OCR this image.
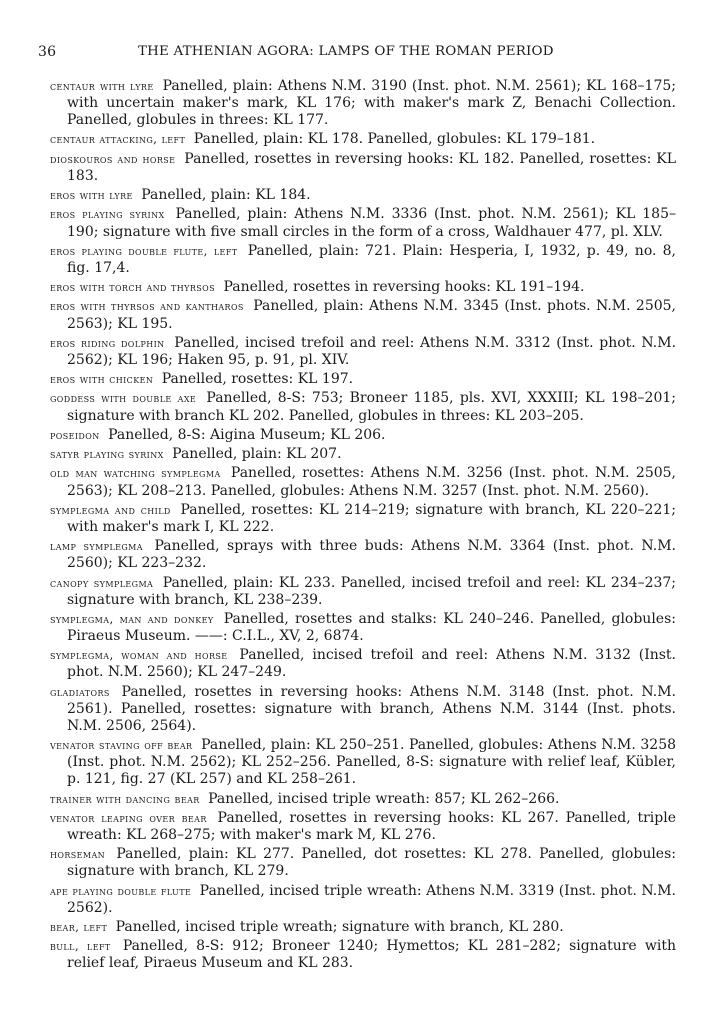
36	THE ATHENIAN AGORA: LAMPS OF THE ROMAN PERIOD

centaur with lyre Panelled, plain: Athens N.M. 3190 (Inst. phot. N.M. 2561); KL 168–175; with uncertain maker's mark, KL 176; with maker's mark Z, Benachi Collection. Panelled, globules in threes: KL 177.

centaur attacking, left Panelled, plain: KL 178. Panelled, globules: KL 179–181.

dioskouros and horse Panelled, rosettes in reversing hooks: KL 182. Panelled, rosettes: KL 183.

eros with lyre Panelled, plain: KL 184.

eros playing syrinx Panelled, plain: Athens N.M. 3336 (Inst. phot. N.M. 2561); KL 185–190; signature with five small circles in the form of a cross, Waldhauer 477, pl. XLV.

eros playing double flute, left Panelled, plain: 721. Plain: Hesperia, I, 1932, p. 49, no. 8, fig. 17,4.

eros with torch and thyrsos Panelled, rosettes in reversing hooks: KL 191–194.

eros with thyrsos and kantharos Panelled, plain: Athens N.M. 3345 (Inst. phots. N.M. 2505, 2563); KL 195.

eros riding dolphin Panelled, incised trefoil and reel: Athens N.M. 3312 (Inst. phot. N.M. 2562); KL 196; Haken 95, p. 91, pl. XIV.

eros with chicken Panelled, rosettes: KL 197.

goddess with double axe Panelled, 8-S: 753; Broneer 1185, pls. XVI, XXXIII; KL 198–201; signature with branch KL 202. Panelled, globules in threes: KL 203–205.

poseidon Panelled, 8-S: Aigina Museum; KL 206.

satyr playing syrinx Panelled, plain: KL 207.

old man watching symplegma Panelled, rosettes: Athens N.M. 3256 (Inst. phot. N.M. 2505, 2563); KL 208–213. Panelled, globules: Athens N.M. 3257 (Inst. phot. N.M. 2560).

symplegma and child Panelled, rosettes: KL 214–219; signature with branch, KL 220–221; with maker's mark I, KL 222.

lamp symplegma Panelled, sprays with three buds: Athens N.M. 3364 (Inst. phot. N.M. 2560); KL 223–232.

canopy symplegma Panelled, plain: KL 233. Panelled, incised trefoil and reel: KL 234–237; signature with branch, KL 238–239.

symplegma, man and donkey Panelled, rosettes and stalks: KL 240–246. Panelled, globules: Piraeus Museum. ——: C.I.L., XV, 2, 6874.

symplegma, woman and horse Panelled, incised trefoil and reel: Athens N.M. 3132 (Inst. phot. N.M. 2560); KL 247–249.

gladiators Panelled, rosettes in reversing hooks: Athens N.M. 3148 (Inst. phot. N.M. 2561). Panelled, rosettes: signature with branch, Athens N.M. 3144 (Inst. phots. N.M. 2506, 2564).

venator staving off bear Panelled, plain: KL 250–251. Panelled, globules: Athens N.M. 3258 (Inst. phot. N.M. 2562); KL 252–256. Panelled, 8-S: signature with relief leaf, Kübler, p. 121, fig. 27 (KL 257) and KL 258–261.

trainer with dancing bear Panelled, incised triple wreath: 857; KL 262–266.

venator leaping over bear Panelled, rosettes in reversing hooks: KL 267. Panelled, triple wreath: KL 268–275; with maker's mark M, KL 276.

horseman Panelled, plain: KL 277. Panelled, dot rosettes: KL 278. Panelled, globules: signature with branch, KL 279.

ape playing double flute Panelled, incised triple wreath: Athens N.M. 3319 (Inst. phot. N.M. 2562).

bear, left Panelled, incised triple wreath; signature with branch, KL 280.

bull, left Panelled, 8-S: 912; Broneer 1240; Hymettos; KL 281–282; signature with relief leaf, Piraeus Museum and KL 283.
